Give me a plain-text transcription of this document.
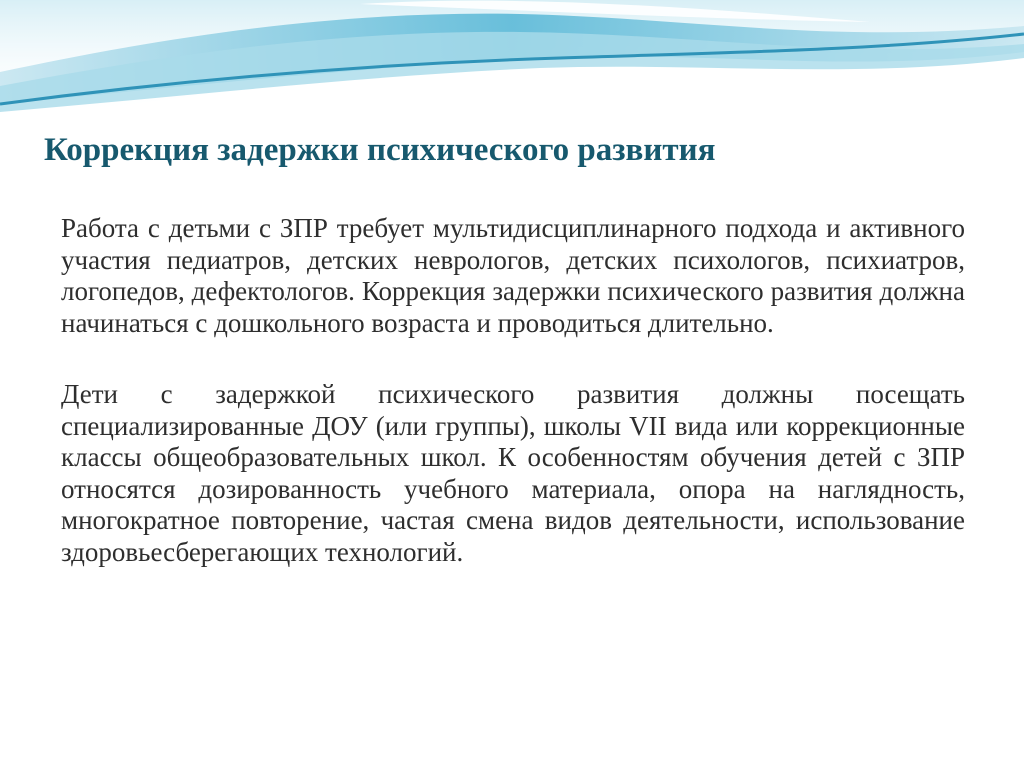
Коррекция задержки психического развития

Работа с детьми с ЗПР требует мультидисциплинарного подхода и активного участия педиатров, детских неврологов, детских психологов, психиатров, логопедов, дефектологов. Коррекция задержки психического развития должна начинаться с дошкольного возраста и проводиться длительно.

Дети с задержкой психического развития должны посещать специализированные ДОУ (или группы), школы VII вида или коррекционные классы общеобразовательных школ. К особенностям обучения детей с ЗПР относятся дозированность учебного материала, опора на наглядность, многократное повторение, частая смена видов деятельности, использование здоровьесберегающих технологий.
